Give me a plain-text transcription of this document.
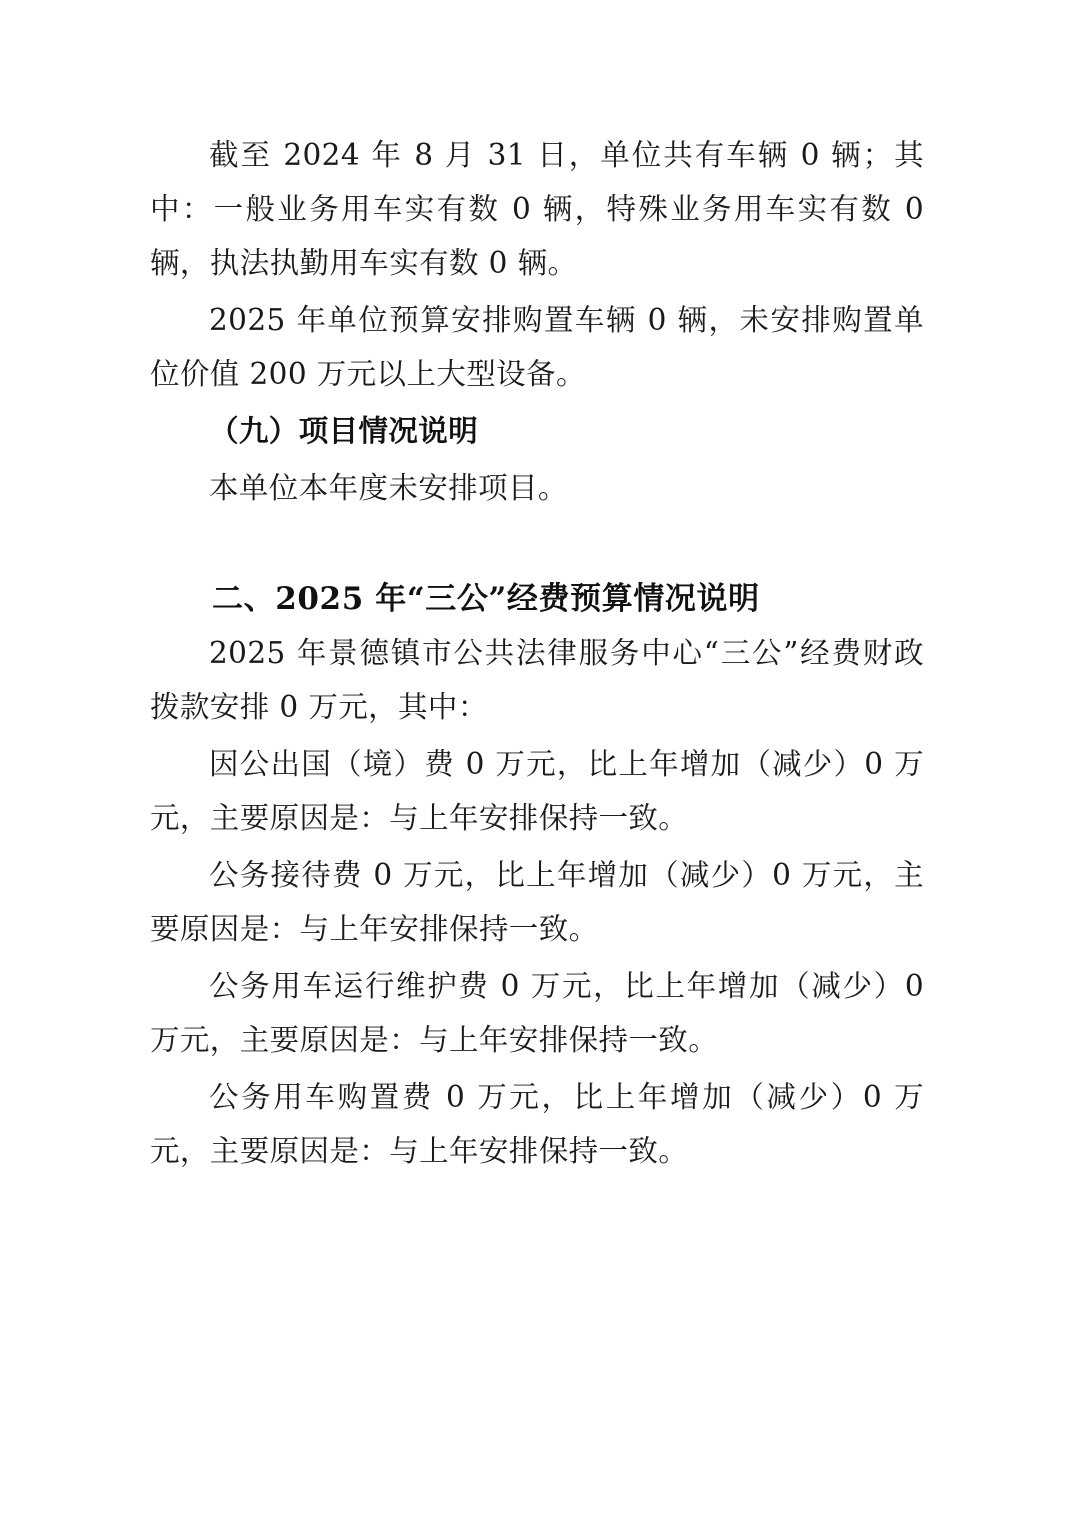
截至 2024 年 8 月 31 日，单位共有车辆 0 辆；其中：一般业务用车实有数 0 辆，特殊业务用车实有数 0 辆，执法执勤用车实有数 0 辆。

2025 年单位预算安排购置车辆 0 辆，未安排购置单位价值 200 万元以上大型设备。

（九）项目情况说明

本单位本年度未安排项目。

二、2025 年“三公”经费预算情况说明

2025 年景德镇市公共法律服务中心“三公”经费财政拨款安排 0 万元，其中：

因公出国（境）费 0 万元，比上年增加（减少）0 万元，主要原因是：与上年安排保持一致。

公务接待费 0 万元，比上年增加（减少）0 万元，主要原因是：与上年安排保持一致。

公务用车运行维护费 0 万元，比上年增加（减少）0 万元，主要原因是：与上年安排保持一致。

公务用车购置费 0 万元，比上年增加（减少）0 万元，主要原因是：与上年安排保持一致。
